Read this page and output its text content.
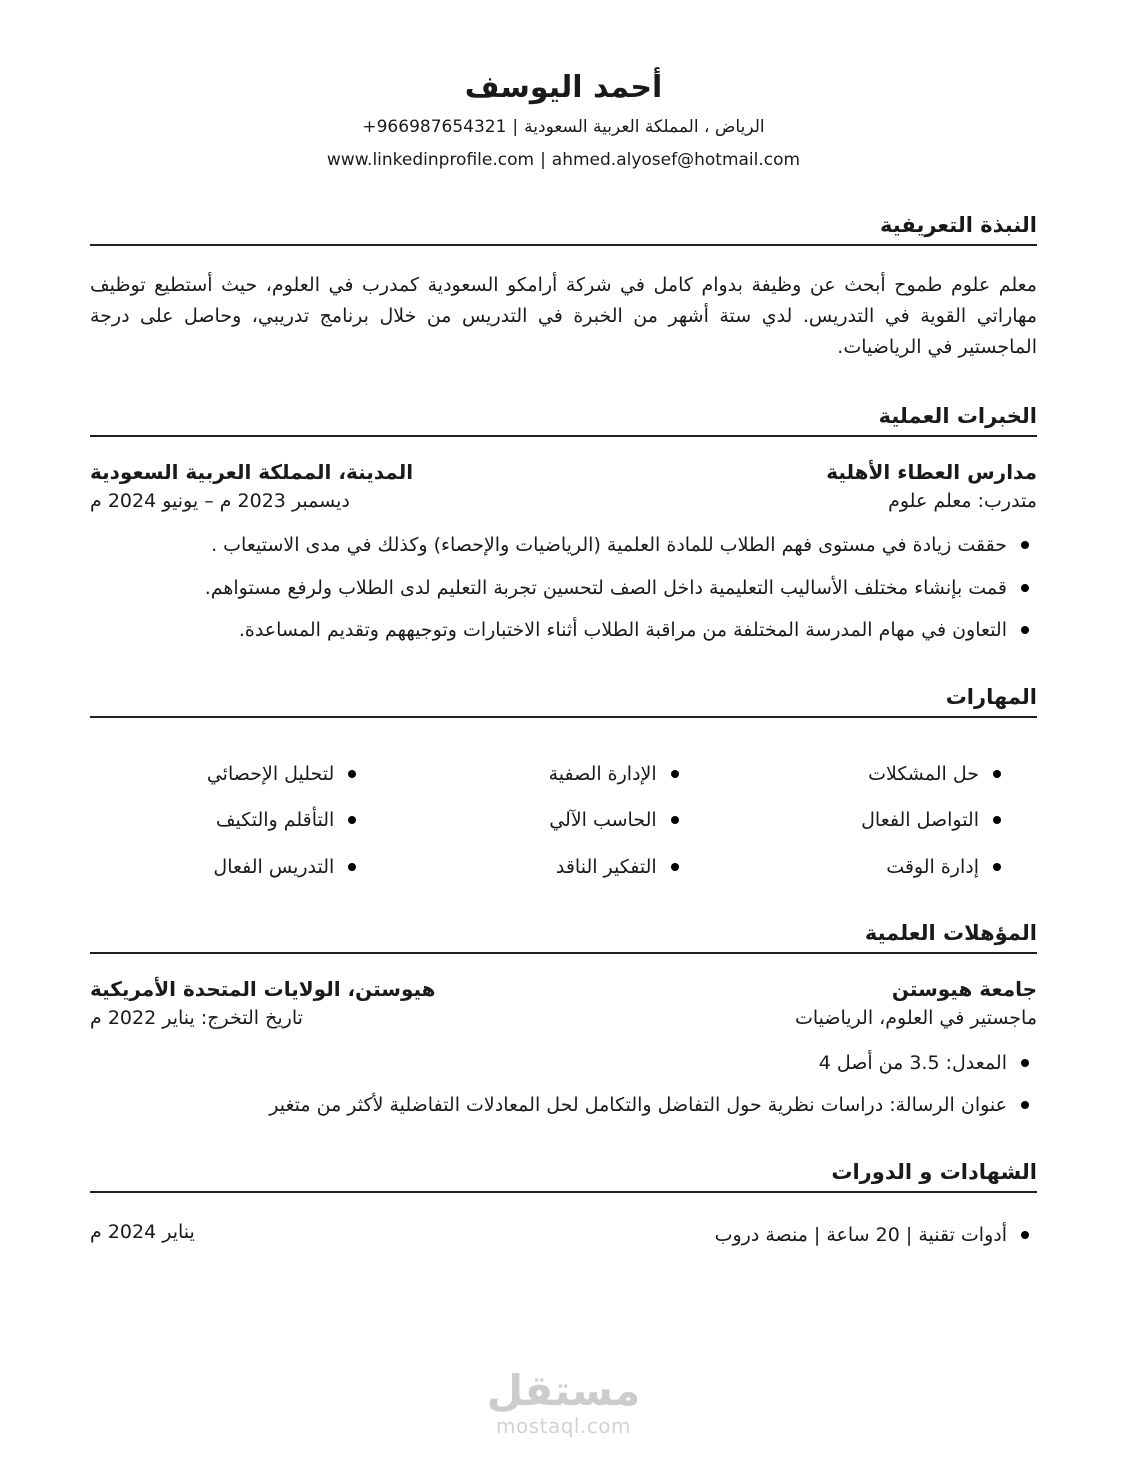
أحمد اليوسف
الرياض ، المملكة العربية السعودية|+966987654321
www.linkedinprofile.com | ahmed.alyosef@hotmail.com
النبذة التعريفية

معلم علوم طموح أبحث عن وظيفة بدوام كامل في شركة أرامكو السعودية كمدرب في العلوم، حيث أستطيع توظيف مهاراتي القوية في التدريس. لدي ستة أشهر من الخبرة في التدريس من خلال برنامج تدريبي، وحاصل على درجة الماجستير في الرياضيات.

الخبرات العملية
مدارس العطاء الأهلية
المدينة، المملكة العربية السعودية
متدرب: معلم علوم
ديسمبر 2023 م – يونيو 2024 م
حققت زيادة في مستوى فهم الطلاب للمادة العلمية (الرياضيات والإحصاء) وكذلك في مدى الاستيعاب .
قمت بإنشاء مختلف الأساليب التعليمية داخل الصف لتحسين تجربة التعليم لدى الطلاب ولرفع مستواهم.
التعاون في مهام المدرسة المختلفة من مراقبة الطلاب أثناء الاختبارات وتوجيههم وتقديم المساعدة.
المهارات
حل المشكلات
الإدارة الصفية
لتحليل الإحصائي
التواصل الفعال
الحاسب الآلي
التأقلم والتكيف
إدارة الوقت
التفكير الناقد
التدريس الفعال
المؤهلات العلمية
جامعة هيوستن
هيوستن، الولايات المتحدة الأمريكية
ماجستير في العلوم، الرياضيات
تاريخ التخرج: يناير 2022 م
المعدل: 3.5 من أصل 4
عنوان الرسالة: دراسات نظرية حول التفاضل والتكامل لحل المعادلات التفاضلية لأكثر من متغير
الشهادات و الدورات
أدوات تقنية | 20 ساعة | منصة دروب
يناير 2024 م
مستقل
mostaql.com
